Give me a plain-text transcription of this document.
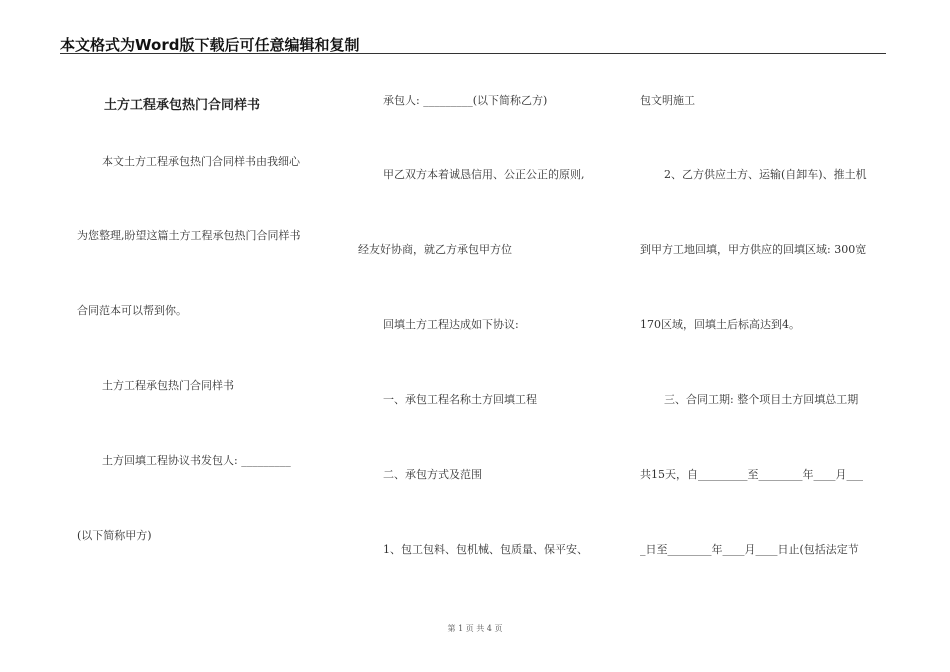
本文格式为Word版下载后可任意编辑和复制
土方工程承包热门合同样书
本文土方工程承包热门合同样书由我细心
为您整理,盼望这篇土方工程承包热门合同样书
合同范本可以帮到你。
土方工程承包热门合同样书
土方回填工程协议书发包人: _________
(以下简称甲方)
承包人: _________(以下简称乙方)
甲乙双方本着诚恳信用、公正公正的原则,
经友好协商，就乙方承包甲方位
回填土方工程达成如下协议:
一、承包工程名称土方回填工程
二、承包方式及范围
1、包工包料、包机械、包质量、保平安、
包文明施工
2、乙方供应土方、运输(自卸车)、推土机
到甲方工地回填，甲方供应的回填区域: 300宽
170区域，回填土后标高达到4。
三、合同工期: 整个项目土方回填总工期
共15天，自_________至________年____月___
_日至________年____月____日止(包括法定节
第 1 页 共 4 页
